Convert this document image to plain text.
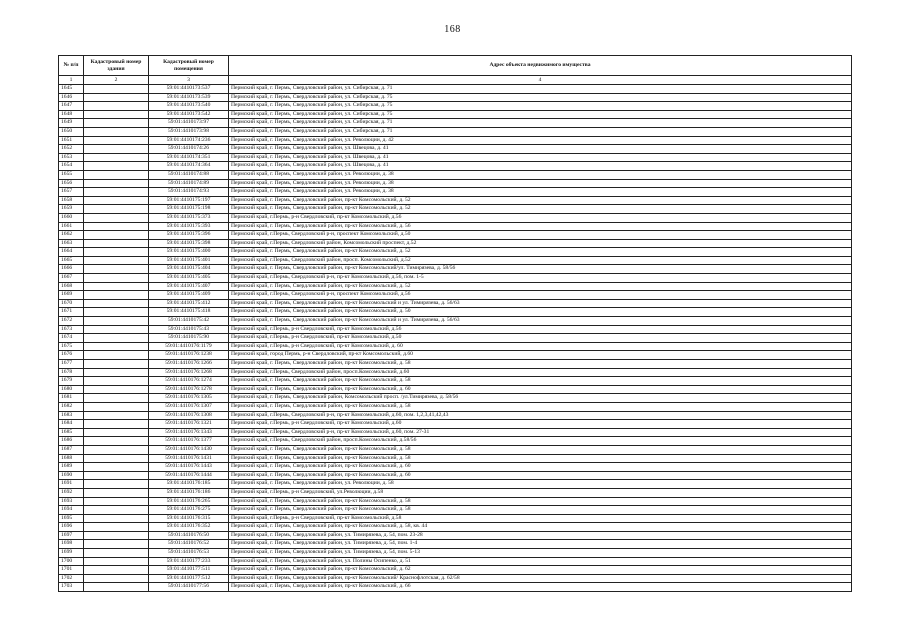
168
№ п/п	Кадастровый номер здания	Кадастровый номер помещения	Адрес объекта недвижимого имущества
1	2	3	4
1645		59:01:4410173:537	Пермский край, г. Пермь, Свердловский район, ул. Сибирская, д. 71
1646		59:01:4410173:539	Пермский край, г. Пермь, Свердловский район, ул. Сибирская, д. 75
1647		59:01:4410173:540	Пермский край, г. Пермь, Свердловский район, ул. Сибирская, д. 75
1648		59:01:4410173:542	Пермский край, г. Пермь, Свердловский район, ул. Сибирская, д. 75
1649		59:01:4410173:97	Пермский край, г. Пермь, Свердловский район, ул. Сибирская, д. 71
1650		59:01:4410173:98	Пермский край, г. Пермь, Свердловский район, ул. Сибирская, д. 71
1651		59:01:4410174:236	Пермский край, г. Пермь, Свердловский район, ул. Революции, д. 42
1652		59:01:4410174:26	Пермский край, г. Пермь, Свердловский район, ул. Швецова, д. 41
1653		59:01:4410174:351	Пермский край, г. Пермь, Свердловский район, ул. Швецова, д. 41
1654		59:01:4410174:364	Пермский край, г. Пермь, Свердловский район, ул. Швецова, д. 41
1655		59:01:4410174:88	Пермский край, г. Пермь, Свердловский район, ул. Революции, д. 38
1656		59:01:4410174:89	Пермский край, г. Пермь, Свердловский район, ул. Революции, д. 38
1657		59:01:4410174:93	Пермский край, г. Пермь, Свердловский район, ул. Революции, д. 38
1658		59:01:4410175:197	Пермский край, г. Пермь, Свердловский район, пр-кт Комсомольский, д. 52
1659		59:01:4410175:198	Пермский край, г. Пермь, Свердловский район, пр-кт Комсомольский, д. 52
1660		59:01:4410175:373	Пермский край, г.Пермь, р-н Свердловский, пр-кт Комсомольский, д.56
1661		59:01:4410175:393	Пермский край, г. Пермь, Свердловский район, пр-кт Комсомольский, д. 56
1662		59:01:4410175:396	Пермский край, г.Пермь, Свердловский р-н, проспект Комсомольский, д.50
1663		59:01:4410175:398	Пермский край, г.Пермь, Свердловский район, Комсомольский проспект, д.52
1664		59:01:4410175:400	Пермский край, г. Пермь, Свердловский район, пр-кт Комсомольский, д. 52
1665		59:01:4410175:401	Пермский край, г.Пермь, Свердловский район, просп. Комсомольский, д.52
1666		59:01:4410175:404	Пермский край, г. Пермь, Свердловский район, пр-кт Комсомольский/ул. Тимирязева, д. 58/56
1667		59:01:4410175:405	Пермский край, г.Пермь, Свердловский р-н, пр-кт Комсомольский, д.56, пом. 1-5
1668		59:01:4410175:407	Пермский край, г. Пермь, Свердловский район, пр-кт Комсомольский, д. 52
1669		59:01:4410175:409	Пермский край, г.Пермь, Свердловский р-н, проспект Комсомольский, д.56
1670		59:01:4410175:412	Пермский край, г. Пермь, Свердловский район, пр-кт Комсомольский и ул. Тимирязева, д. 56/63
1671		59:01:4410175:418	Пермский край, г. Пермь, Свердловский район, пр-кт Комсомольский, д. 50
1672		59:01:4410175:42	Пермский край, г. Пермь, Свердловский район, пр-кт Комсомольский и ул. Тимирязева, д. 56/63
1673		59:01:4410175:43	Пермский край, г.Пермь, р-н Свердловский, пр-кт Комсомольский, д.56
1674		59:01:4410175:90	Пермский край, г.Пермь, р-н Свердловский, пр-кт Комсомольский, д.50
1675		59:01:4410176:1179	Пермский край, г.Пермь, р-н Свердловский, пр-кт Комсомольский, д. 60
1676		59:01:4410176:1238	Пермский край, город Пермь, р-н Свердловский, пр-кт Комсомольский, д.60
1677		59:01:4410176:1266	Пермский край, г. Пермь, Свердловский район, пр-кт Комсомольский, д. 58
1678		59:01:4410176:1268	Пермский край, г.Пермь, Свердловский район, просп.Комсомольский, д.60
1679		59:01:4410176:1274	Пермский край, г. Пермь, Свердловский район, пр-кт Комсомольский, д. 58
1680		59:01:4410176:1278	Пермский край, г. Пермь, Свердловский район, пр-кт Комсомольский, д. 60
1681		59:01:4410176:1305	Пермский край, г. Пермь, Свердловский район, Комсомольский просп. /ул.Тимирязева, д. 58/56
1682		59:01:4410176:1307	Пермский край, г. Пермь, Свердловский район, пр-кт Комсомольский, д. 58
1683		59:01:4410176:1308	Пермский край, г.Пермь, Свердловский р-н, пр-кт Комсомольский, д.60, пом. 1,2,3,41,42,43
1684		59:01:4410176:1321	Пермский край, г.Пермь, р-н Свердловский, пр-кт Комсомольский, д.60
1685		59:01:4410176:1343	Пермский край, г.Пермь, Свердловский р-н, пр-кт Комсомольский, д.60, пом. 27-31
1686		59:01:4410176:1377	Пермский край, г.Пермь, Свердловский район, просп.Комсомольский, д.58/56
1687		59:01:4410176:1430	Пермский край, г. Пермь, Свердловский район, пр-кт Комсомольский, д. 58
1688		59:01:4410176:1431	Пермский край, г. Пермь, Свердловский район, пр-кт Комсомольский, д. 58
1689		59:01:4410176:1443	Пермский край, г. Пермь, Свердловский район, пр-кт Комсомольский, д. 60
1690		59:01:4410176:1444	Пермский край, г. Пермь, Свердловский район, пр-кт Комсомольский, д. 60
1691		59:01:4410176:185	Пермский край, г. Пермь, Свердловский район, ул. Революции, д. 58
1692		59:01:4410176:186	Пермский край, г.Пермь, р-н Свердловский, ул.Революции, д.58
1693		59:01:4410176:265	Пермский край, г. Пермь, Свердловский район, пр-кт Комсомольский, д. 58
1694		59:01:4410176:275	Пермский край, г. Пермь, Свердловский район, пр-кт Комсомольский, д. 58
1695		59:01:4410176:315	Пермский край, г.Пермь, р-н Свердловский, пр-кт Комсомольский, д.58
1696		59:01:4410176:352	Пермский край, г. Пермь, Свердловский район, пр-кт Комсомольский, д. 58, кв. 44
1697		59:01:4410176:50	Пермский край, г. Пермь, Свердловский район, ул. Тимирязева, д. 54, пом. 23-28
1698		59:01:4410176:52	Пермский край, г. Пермь, Свердловский район, ул. Тимирязева, д. 54, пом. 1-4
1699		59:01:4410176:53	Пермский край, г. Пермь, Свердловский район, ул. Тимирязева, д. 54, пом. 5-13
1700		59:01:4410177:233	Пермский край, г. Пермь, Свердловский район, ул. Полины Осипенко, д. 51
1701		59:01:4410177:511	Пермский край, г. Пермь, Свердловский район, пр-кт Комсомольский, д. 62
1702		59:01:4410177:512	Пермский край, г. Пермь, Свердловский район, пр-кт Комсомольский/ Краснофлотская, д. 62/58
1703		59:01:4410177:56	Пермский край, г. Пермь, Свердловский район, пр-кт Комсомольский, д. 66
